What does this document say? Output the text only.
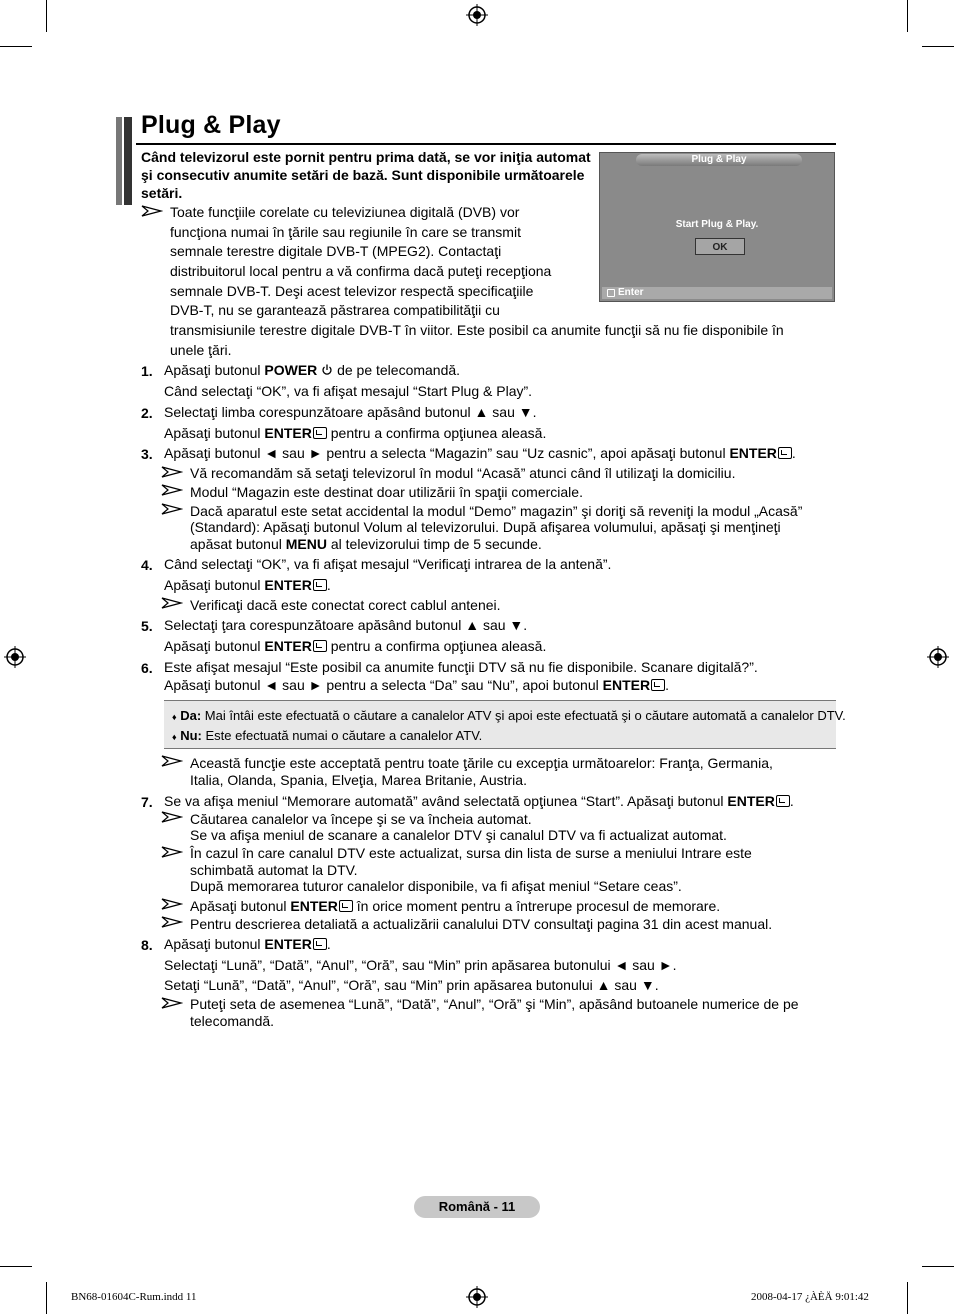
Plug & Play
Când televizorul este pornit pentru prima dată, se vor iniţia automat şi consecutiv anumite setări de bază. Sunt disponibile următoarele setări.
Plug & Play
Start Plug & Play.
OK
Enter
Toate funcţiile corelate cu televiziunea digitală (DVB) vor
funcţiona numai în ţările sau regiunile în care se transmit
semnale terestre digitale DVB-T (MPEG2). Contactaţi
distribuitorul local pentru a vă confirma dacă puteţi recepţiona
semnale DVB-T. Deşi acest televizor respectă specificaţiile
DVB-T, nu se garantează păstrarea compatibilităţii cu
transmisiunile terestre digitale DVB-T în viitor. Este posibil ca anumite funcţii să nu fie disponibile în
unele ţări.
1. Apăsaţi butonul POWER de pe telecomandă.
Când selectaţi “OK”, va fi afişat mesajul “Start Plug & Play”.
2. Selectaţi limba corespunzătoare apăsând butonul ▲ sau ▼.
Apăsaţi butonul ENTER pentru a confirma opţiunea aleasă.
3. Apăsaţi butonul ◄ sau ► pentru a selecta “Magazin” sau “Uz casnic”, apoi apăsaţi butonul ENTER .
Vă recomandăm să setaţi televizorul în modul “Acasă” atunci când îl utilizaţi la domiciliu.
Modul “Magazin este destinat doar utilizării în spaţii comerciale.
Dacă aparatul este setat accidental la modul “Demo” magazin” şi doriţi să reveniţi la modul „Acasă”
(Standard): Apăsaţi butonul Volum al televizorului. După afişarea volumului, apăsaţi şi menţineţi
apăsat butonul MENU al televizorului timp de 5 secunde.
4. Când selectaţi “OK”, va fi afişat mesajul “Verificaţi intrarea de la antenă”.
Apăsaţi butonul ENTER .
Verificaţi dacă este conectat corect cablul antenei.
5. Selectaţi ţara corespunzătoare apăsând butonul ▲ sau ▼.
Apăsaţi butonul ENTER pentru a confirma opţiunea aleasă.
6. Este afişat mesajul “Este posibil ca anumite funcţii DTV să nu fie disponibile. Scanare digitală?”.
Apăsaţi butonul ◄ sau ► pentru a selecta “Da” sau “Nu”, apoi butonul ENTER .
♦ Da: Mai întâi este efectuată o căutare a canalelor ATV şi apoi este efectuată şi o căutare automată a canalelor DTV.
♦ Nu: Este efectuată numai o căutare a canalelor ATV.
Această funcţie este acceptată pentru toate ţările cu excepţia următoarelor: Franţa, Germania,
Italia, Olanda, Spania, Elveţia, Marea Britanie, Austria.
7. Se va afişa meniul “Memorare automată” având selectată opţiunea “Start”. Apăsaţi butonul ENTER .
Căutarea canalelor va începe şi se va încheia automat.
Se va afişa meniul de scanare a canalelor DTV şi canalul DTV va fi actualizat automat.
În cazul în care canalul DTV este actualizat, sursa din lista de surse a meniului Intrare este
schimbată automat la DTV.
După memorarea tuturor canalelor disponibile, va fi afişat meniul “Setare ceas”.
Apăsaţi butonul ENTER în orice moment pentru a întrerupe procesul de memorare.
Pentru descrierea detaliată a actualizării canalului DTV consultaţi pagina 31 din acest manual.
8. Apăsaţi butonul ENTER .
Selectaţi “Lună”, “Dată”, “Anul”, “Oră”, sau “Min” prin apăsarea butonului ◄ sau ►.
Setaţi “Lună”, “Dată”, “Anul”, “Oră”, sau “Min” prin apăsarea butonului ▲ sau ▼.
Puteţi seta de asemenea “Lună”, “Dată”, “Anul”, “Oră” şi “Min”, apăsând butoanele numerice de pe
telecomandă.
Română - 11
BN68-01604C-Rum.indd 11	2008-04-17 ¿ÀÈÄ 9:01:42
